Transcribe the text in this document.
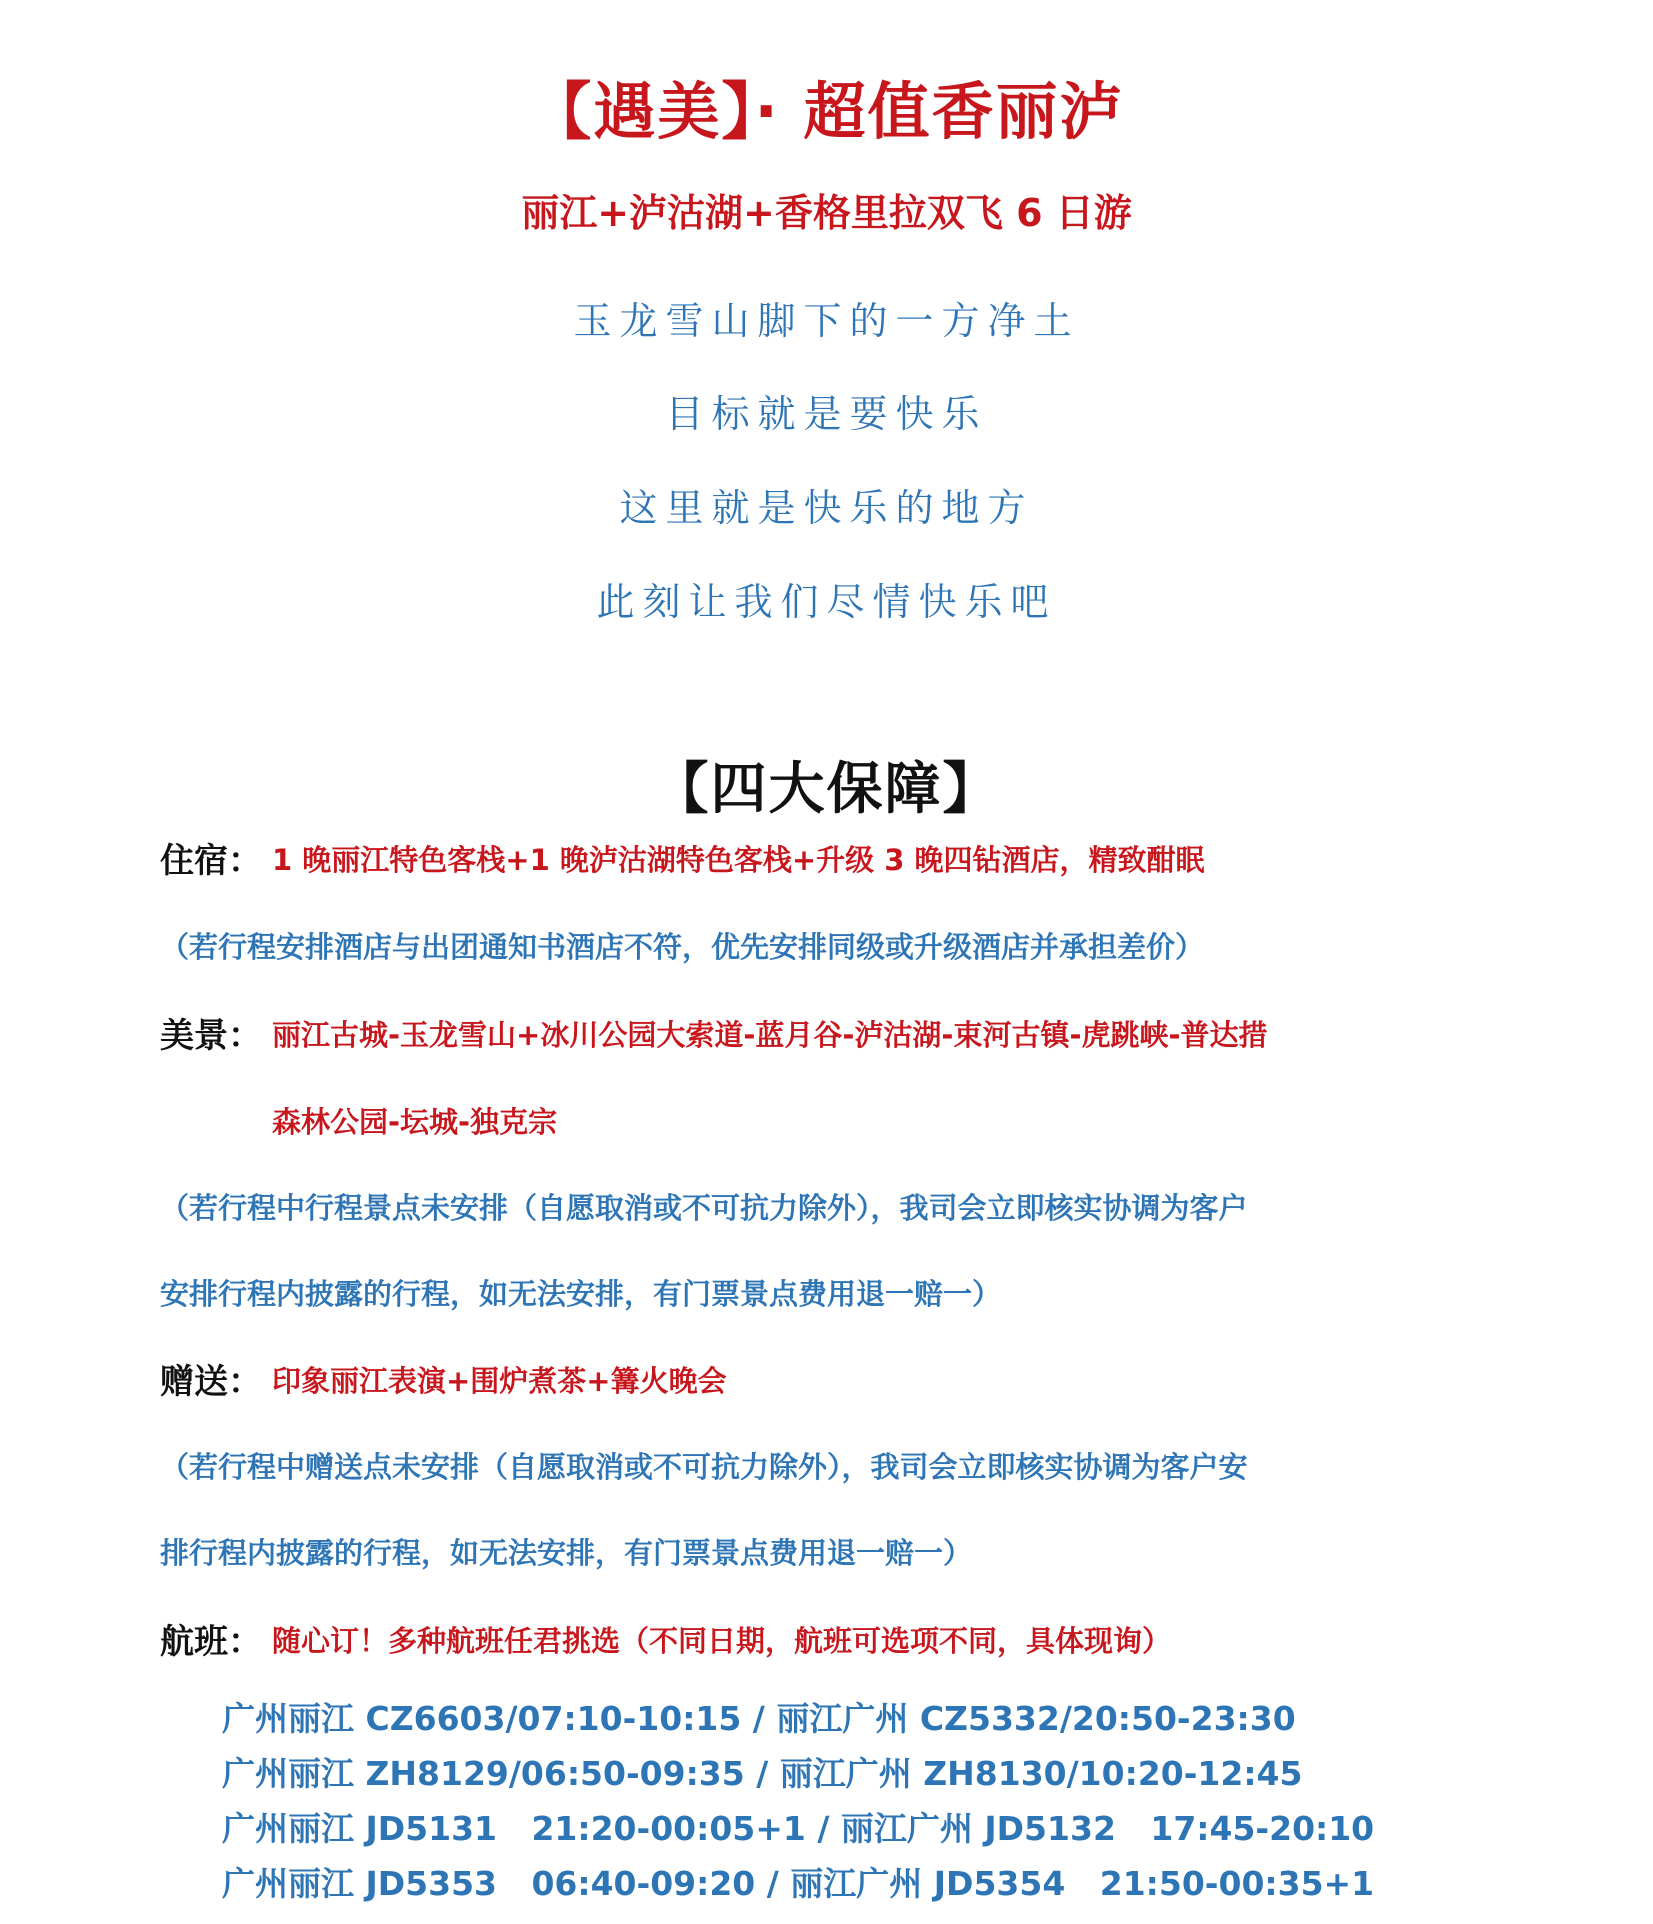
【遇美】· 超值香丽泸
丽江+泸沽湖+香格里拉双飞 6 日游
玉龙雪山脚下的一方净土
目标就是要快乐
这里就是快乐的地方
此刻让我们尽情快乐吧
【四大保障】
住宿： 1 晚丽江特色客栈+1 晚泸沽湖特色客栈+升级 3 晚四钻酒店，精致酣眠
（若行程安排酒店与出团通知书酒店不符，优先安排同级或升级酒店并承担差价）
美景： 丽江古城-玉龙雪山+冰川公园大索道-蓝月谷-泸沽湖-束河古镇-虎跳峡-普达措
森林公园-坛城-独克宗
（若行程中行程景点未安排（自愿取消或不可抗力除外），我司会立即核实协调为客户
安排行程内披露的行程，如无法安排，有门票景点费用退一赔一）
赠送： 印象丽江表演+围炉煮茶+篝火晚会
（若行程中赠送点未安排（自愿取消或不可抗力除外），我司会立即核实协调为客户安
排行程内披露的行程，如无法安排，有门票景点费用退一赔一）
航班： 随心订！多种航班任君挑选（不同日期，航班可选项不同，具体现询）
广州丽江 CZ6603/07:10-10:15 / 丽江广州 CZ5332/20:50-23:30
广州丽江 ZH8129/06:50-09:35 / 丽江广州 ZH8130/10:20-12:45
广州丽江 JD5131   21:20-00:05+1 / 丽江广州 JD5132   17:45-20:10
广州丽江 JD5353   06:40-09:20 / 丽江广州 JD5354   21:50-00:35+1
